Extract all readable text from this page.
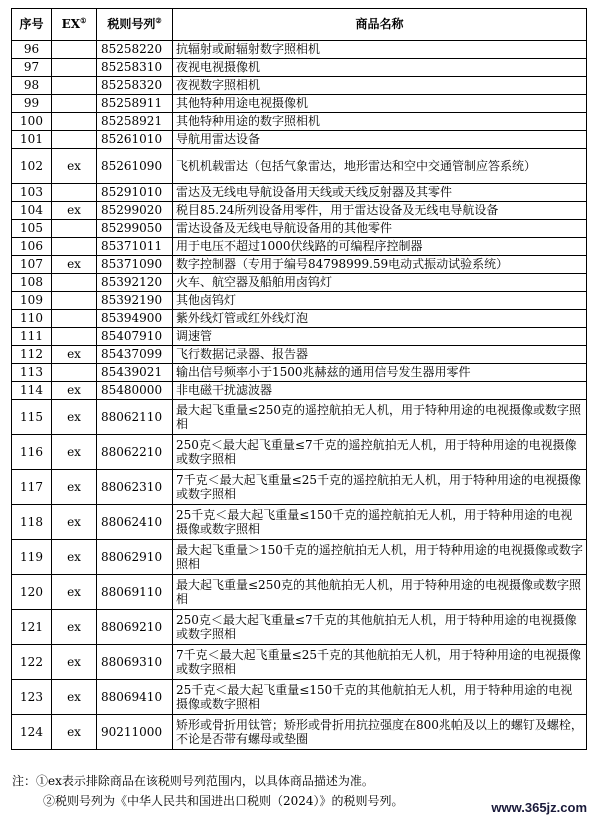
序号	EX①	税则号列②	商品名称
96		85258220	抗辐射或耐辐射数字照相机
97		85258310	夜视电视摄像机
98		85258320	夜视数字照相机
99		85258911	其他特种用途电视摄像机
100		85258921	其他特种用途的数字照相机
101		85261010	导航用雷达设备
102	ex	85261090	飞机机载雷达（包括气象雷达，地形雷达和空中交通管制应答系统）
103		85291010	雷达及无线电导航设备用天线或天线反射器及其零件
104	ex	85299020	税目85.24所列设备用零件，用于雷达设备及无线电导航设备
105		85299050	雷达设备及无线电导航设备用的其他零件
106		85371011	用于电压不超过1000伏线路的可编程序控制器
107	ex	85371090	数字控制器（专用于编号84798999.59电动式振动试验系统）
108		85392120	火车、航空器及船舶用卤钨灯
109		85392190	其他卤钨灯
110		85394900	紫外线灯管或红外线灯泡
111		85407910	调速管
112	ex	85437099	飞行数据记录器、报告器
113		85439021	输出信号频率小于1500兆赫兹的通用信号发生器用零件
114	ex	85480000	非电磁干扰滤波器
115	ex	88062110	最大起飞重量≤250克的遥控航拍无人机，用于特种用途的电视摄像或数字照相
116	ex	88062210	250克＜最大起飞重量≤7千克的遥控航拍无人机，用于特种用途的电视摄像或数字照相
117	ex	88062310	7千克＜最大起飞重量≤25千克的遥控航拍无人机，用于特种用途的电视摄像或数字照相
118	ex	88062410	25千克＜最大起飞重量≤150千克的遥控航拍无人机，用于特种用途的电视摄像或数字照相
119	ex	88062910	最大起飞重量＞150千克的遥控航拍无人机，用于特种用途的电视摄像或数字照相
120	ex	88069110	最大起飞重量≤250克的其他航拍无人机，用于特种用途的电视摄像或数字照相
121	ex	88069210	250克＜最大起飞重量≤7千克的其他航拍无人机，用于特种用途的电视摄像或数字照相
122	ex	88069310	7千克＜最大起飞重量≤25千克的其他航拍无人机，用于特种用途的电视摄像或数字照相
123	ex	88069410	25千克＜最大起飞重量≤150千克的其他航拍无人机，用于特种用途的电视摄像或数字照相
124	ex	90211000	矫形或骨折用钛管；矫形或骨折用抗拉强度在800兆帕及以上的螺钉及螺栓，不论是否带有螺母或垫圈
注：①ex表示排除商品在该税则号列范围内，以具体商品描述为准。
②税则号列为《中华人民共和国进出口税则（2024）》的税则号列。	www.365jz.com
